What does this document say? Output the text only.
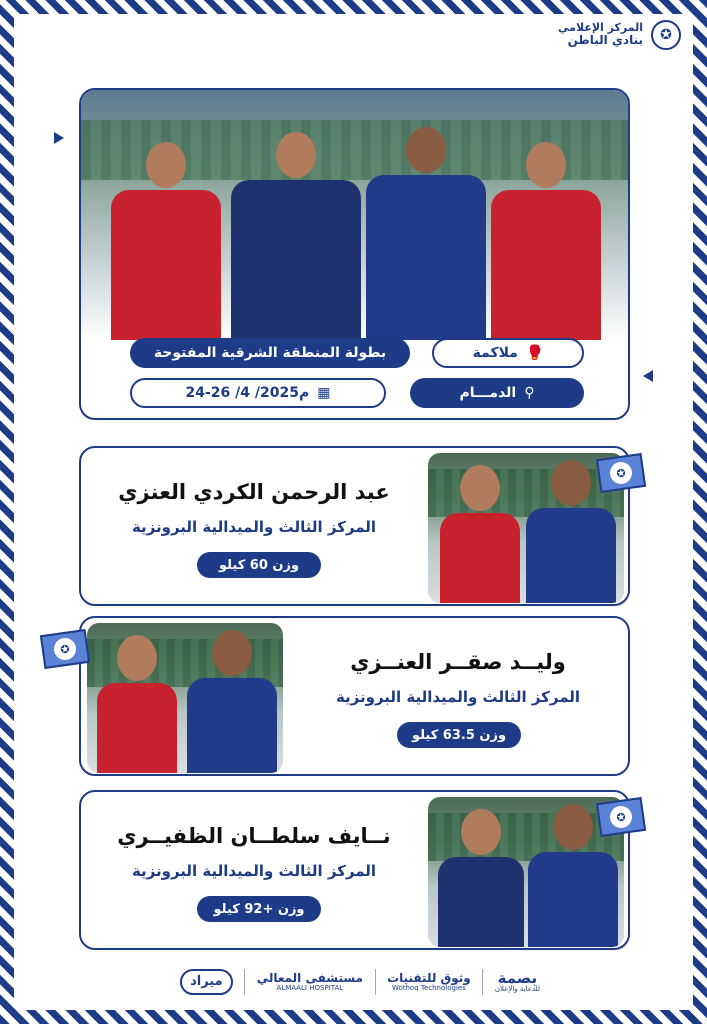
✪
المركز الإعلامي
بنادي الباطن
🥊
ملاكمة
بطولة المنطقة الشرقية المفتوحة
⚲
الدمـــام
▦
24-26 /4 /2025م
عبد الرحمن الكردي العنزي
المركز الثالث والميدالية البرونزية
وزن 60 كيلو
✪
وليــد صقــر العنــزي
المركز الثالث والميدالية البرونزية
وزن 63.5 كيلو
✪
نــايف سلطــان الظفيــري
المركز الثالث والميدالية البرونزية
وزن +92 كيلو
✪
بصمة
للدعاية والإعلان
وثوق للتقنيات
Wothoq Technologies
مستشفى المعالي
ALMAALI HOSPITAL
ميراد
